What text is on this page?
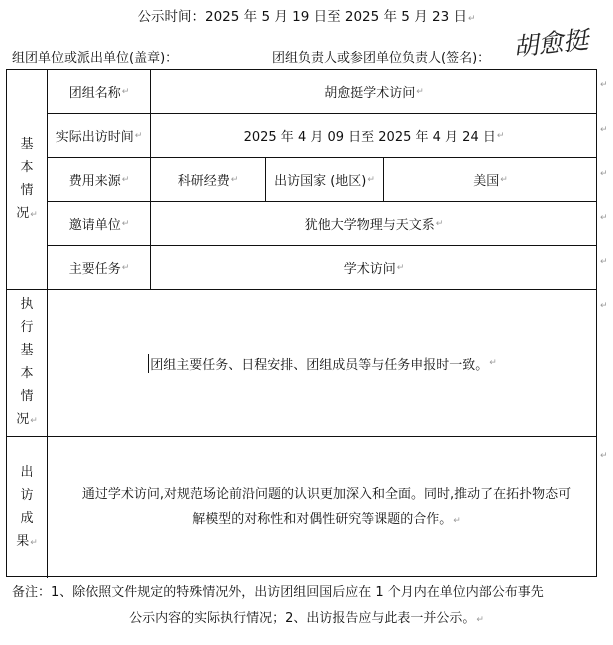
公示时间：2025 年 5 月 19 日至 2025 年 5 月 23 日↵
组团单位或派出单位(盖章)：	团组负责人或参团单位负责人(签名)： 胡愈挺
基
本
情
况↵
团组名称 ↵	胡愈挺学术访问 ↵
实际出访时间 ↵	2025 年 4 月 09 日至 2025 年 4 月 24 日 ↵
费用来源 ↵	科研经费 ↵	出访国家 (地区) ↵	美国 ↵
邀请单位 ↵	犹他大学物理与天文系 ↵
主要任务 ↵	学术访问 ↵
执
行
基
本
情
况↵
团组主要任务、日程安排、团组成员等与任务申报时一致。 ↵
出
访
成
果↵
通过学术访问,对规范场论前沿问题的认识更加深入和全面。同时,推动了在拓扑物态可
解模型的对称性和对偶性研究等课题的合作。↵
↵
↵
↵
↵
↵
↵
↵
备注：1、除依照文件规定的特殊情况外，出访团组回国后应在 1 个月内在单位内部公布事先
公示内容的实际执行情况；2、出访报告应与此表一并公示。↵
